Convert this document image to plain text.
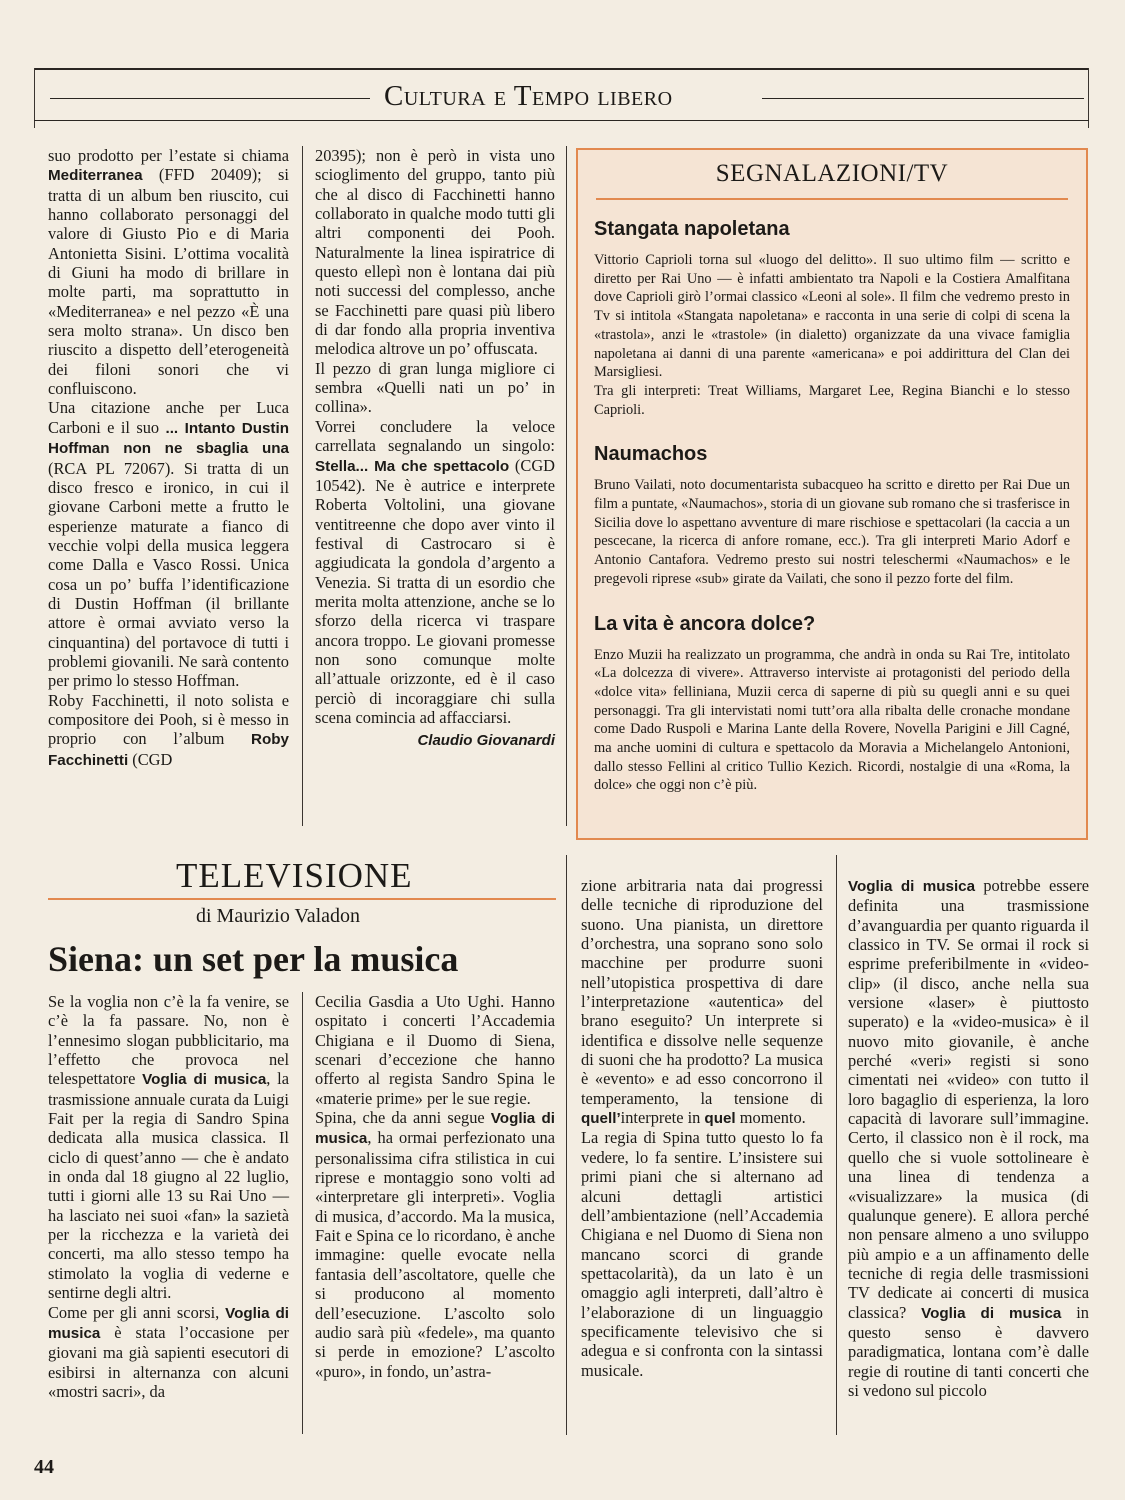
Cultura e Tempo libero

suo prodotto per l’estate si chiama Mediterranea (FFD 20409); si tratta di un album ben riuscito, cui hanno collaborato personaggi del valore di Giusto Pio e di Maria Antonietta Sisini. L’ottima vocalità di Giuni ha modo di brillare in molte parti, ma soprattutto in «Mediterranea» e nel pezzo «È una sera molto strana». Un disco ben riuscito a dispetto dell’eterogeneità dei filoni sonori che vi confluiscono.

Una citazione anche per Luca Carboni e il suo ... Intanto Dustin Hoffman non ne sbaglia una (RCA PL 72067). Si tratta di un disco fresco e ironico, in cui il giovane Carboni mette a frutto le esperienze maturate a fianco di vecchie volpi della musica leggera come Dalla e Vasco Rossi. Unica cosa un po’ buffa l’identificazione di Dustin Hoffman (il brillante attore è ormai avviato verso la cinquantina) del portavoce di tutti i problemi giovanili. Ne sarà contento per primo lo stesso Hoffman.

Roby Facchinetti, il noto solista e compositore dei Pooh, si è messo in proprio con l’album Roby Facchinetti (CGD

20395); non è però in vista uno scioglimento del gruppo, tanto più che al disco di Facchinetti hanno collaborato in qualche modo tutti gli altri componenti dei Pooh. Naturalmente la linea ispiratrice di questo ellepì non è lontana dai più noti successi del complesso, anche se Facchinetti pare quasi più libero di dar fondo alla propria inventiva melodica altrove un po’ offuscata.

Il pezzo di gran lunga migliore ci sembra «Quelli nati un po’ in collina».

Vorrei concludere la veloce carrellata segnalando un singolo: Stella... Ma che spettacolo (CGD 10542). Ne è autrice e interprete Roberta Voltolini, una giovane ventitreenne che dopo aver vinto il festival di Castrocaro si è aggiudicata la gondola d’argento a Venezia. Si tratta di un esordio che merita molta attenzione, anche se lo sforzo della ricerca vi traspare ancora troppo. Le giovani promesse non sono comunque molte all’attuale orizzonte, ed è il caso perciò di incoraggiare chi sulla scena comincia ad affacciarsi.

Claudio Giovanardi
SEGNALAZIONI/TV
Stangata napoletana

Vittorio Caprioli torna sul «luogo del delitto». Il suo ultimo film — scritto e diretto per Rai Uno — è infatti ambientato tra Napoli e la Costiera Amalfitana dove Caprioli girò l’ormai classico «Leoni al sole». Il film che vedremo presto in Tv si intitola «Stangata napoletana» e racconta in una serie di colpi di scena la «trastola», anzi le «trastole» (in dialetto) organizzate da una vivace famiglia napoletana ai danni di una parente «americana» e poi addirittura del Clan dei Marsigliesi.

Tra gli interpreti: Treat Williams, Margaret Lee, Regina Bianchi e lo stesso Caprioli.

Naumachos

Bruno Vailati, noto documentarista subacqueo ha scritto e diretto per Rai Due un film a puntate, «Naumachos», storia di un giovane sub romano che si trasferisce in Sicilia dove lo aspettano avventure di mare rischiose e spettacolari (la caccia a un pescecane, la ricerca di anfore romane, ecc.). Tra gli interpreti Mario Adorf e Antonio Cantafora. Vedremo presto sui nostri teleschermi «Naumachos» e le pregevoli riprese «sub» girate da Vailati, che sono il pezzo forte del film.

La vita è ancora dolce?

Enzo Muzii ha realizzato un programma, che andrà in onda su Rai Tre, intitolato «La dolcezza di vivere». Attraverso interviste ai protagonisti del periodo della «dolce vita» felliniana, Muzii cerca di saperne di più su quegli anni e su quei personaggi. Tra gli intervistati nomi tutt’ora alla ribalta delle cronache mondane come Dado Ruspoli e Marina Lante della Rovere, Novella Parigini e Jill Cagné, ma anche uomini di cultura e spettacolo da Moravia a Michelangelo Antonioni, dallo stesso Fellini al critico Tullio Kezich. Ricordi, nostalgie di una «Roma, la dolce» che oggi non c’è più.

TELEVISIONE
di Maurizio Valadon
Siena: un set per la musica

Se la voglia non c’è la fa venire, se c’è la fa passare. No, non è l’ennesimo slogan pubblicitario, ma l’effetto che provoca nel telespettatore Voglia di musica, la trasmissione annuale curata da Luigi Fait per la regia di Sandro Spina dedicata alla musica classica. Il ciclo di quest’anno — che è andato in onda dal 18 giugno al 22 luglio, tutti i giorni alle 13 su Rai Uno — ha lasciato nei suoi «fan» la sazietà per la ricchezza e la varietà dei concerti, ma allo stesso tempo ha stimolato la voglia di vederne e sentirne degli altri.

Come per gli anni scorsi, Voglia di musica è stata l’occasione per giovani ma già sapienti esecutori di esibirsi in alternanza con alcuni «mostri sacri», da

Cecilia Gasdia a Uto Ughi. Hanno ospitato i concerti l’Accademia Chigiana e il Duomo di Siena, scenari d’eccezione che hanno offerto al regista Sandro Spina le «materie prime» per le sue regie.

Spina, che da anni segue Voglia di musica, ha ormai perfezionato una personalissima cifra stilistica in cui riprese e montaggio sono volti ad «interpretare gli interpreti». Voglia di musica, d’accordo. Ma la musica, Fait e Spina ce lo ricordano, è anche immagine: quelle evocate nella fantasia dell’ascoltatore, quelle che si producono al momento dell’esecuzione. L’ascolto solo audio sarà più «fedele», ma quanto si perde in emozione? L’ascolto «puro», in fondo, un’astra-

zione arbitraria nata dai progressi delle tecniche di riproduzione del suono. Una pianista, un direttore d’orchestra, una soprano sono solo macchine per produrre suoni nell’utopistica prospettiva di dare l’interpretazione «autentica» del brano eseguito? Un interprete si identifica e dissolve nelle sequenze di suoni che ha prodotto? La musica è «evento» e ad esso concorrono il temperamento, la tensione di quell’interprete in quel momento.

La regia di Spina tutto questo lo fa vedere, lo fa sentire. L’insistere sui primi piani che si alternano ad alcuni dettagli artistici dell’ambientazione (nell’Accademia Chigiana e nel Duomo di Siena non mancano scorci di grande spettacolarità), da un lato è un omaggio agli interpreti, dall’altro è l’elaborazione di un linguaggio specificamente televisivo che si adegua e si confronta con la sintassi musicale.

Voglia di musica potrebbe essere definita una trasmissione d’avanguardia per quanto riguarda il classico in TV. Se ormai il rock si esprime preferibilmente in «video-clip» (il disco, anche nella sua versione «laser» è piuttosto superato) e la «video-musica» è il nuovo mito giovanile, è anche perché «veri» registi si sono cimentati nei «video» con tutto il loro bagaglio di esperienza, la loro capacità di lavorare sull’immagine. Certo, il classico non è il rock, ma quello che si vuole sottolineare è una linea di tendenza a «visualizzare» la musica (di qualunque genere). E allora perché non pensare almeno a uno sviluppo più ampio e a un affinamento delle tecniche di regia delle trasmissioni TV dedicate ai concerti di musica classica? Voglia di musica in questo senso è davvero paradigmatica, lontana com’è dalle regie di routine di tanti concerti che si vedono sul piccolo

44
